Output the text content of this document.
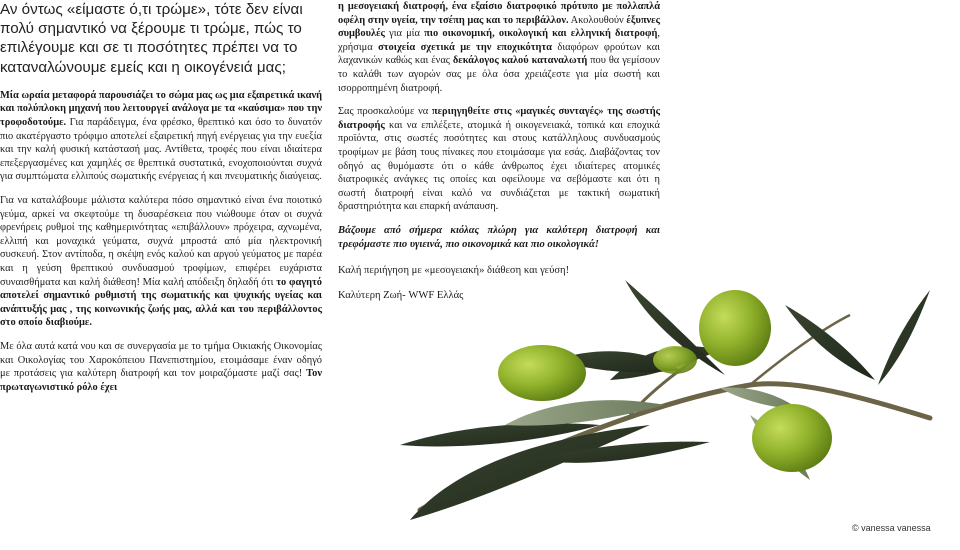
Αν όντως «είμαστε ό,τι τρώμε», τότε δεν είναι πολύ σημαντικό να ξέρουμε τι τρώμε, πώς το επιλέγουμε και σε τι ποσότητες πρέπει να το καταναλώνουμε εμείς και η οικογένειά μας;

Μία ωραία μεταφορά παρουσιάζει το σώμα μας ως μια εξαιρετικά ικανή και πολύπλοκη μηχανή που λειτουργεί ανάλογα με τα «καύσιμα» που την τροφοδοτούμε. Για παράδειγμα, ένα φρέσκο, θρεπτικό και όσο το δυνατόν πιο ακατέργαστο τρόφιμο αποτελεί εξαιρετική πηγή ενέργειας για την ευεξία και την καλή φυσική κατάστασή μας. Αντίθετα, τροφές που είναι ιδιαίτερα επεξεργασμένες και χαμηλές σε θρεπτικά συστατικά, ενοχοποιούνται συχνά για συμπτώματα ελλιπούς σωματικής ενέργειας ή και πνευματικής διαύγειας.

Για να καταλάβουμε μάλιστα καλύτερα πόσο σημαντικό είναι ένα ποιοτικό γεύμα, αρκεί να σκεφτούμε τη δυσαρέσκεια που νιώθουμε όταν οι συχνά φρενήρεις ρυθμοί της καθημερινότητας «επιβάλλουν» πρόχειρα, αχνωμένα, ελλιπή και μοναχικά γεύματα, συχνά μπροστά από μία ηλεκτρονική συσκευή. Στον αντίποδα, η σκέψη ενός καλού και αργού γεύματος με παρέα και η γεύση θρεπτικού συνδυασμού τροφίμων, επιφέρει ευχάριστα συναισθήματα και καλή διάθεση! Μία καλή απόδειξη δηλαδή ότι το φαγητό αποτελεί σημαντικό ρυθμιστή της σωματικής και ψυχικής υγείας και ανάπτυξής μας , της κοινωνικής ζωής μας, αλλά και του περιβάλλοντος στο οποίο διαβιούμε.

Με όλα αυτά κατά νου και σε συνεργασία με το τμήμα Οικιακής Οικονομίας και Οικολογίας του Χαροκόπειου Πανεπιστημίου, ετοιμάσαμε έναν οδηγό με προτάσεις για καλύτερη διατροφή και τον μοιραζόμαστε μαζί σας! Τον πρωταγωνιστικό ρόλο έχει

η μεσογειακή διατροφή, ένα εξαίσιο διατροφικό πρότυπο με πολλαπλά οφέλη στην υγεία, την τσέπη μας και το περιβάλλον. Ακολουθούν έξυπνες συμβουλές για μία πιο οικονομική, οικολογική και ελληνική διατροφή, χρήσιμα στοιχεία σχετικά με την εποχικότητα διαφόρων φρούτων και λαχανικών καθώς και ένας δεκάλογος καλού καταναλωτή που θα γεμίσουν το καλάθι των αγορών σας με όλα όσα χρειάζεστε για μία σωστή και ισορροπημένη διατροφή.

Σας προσκαλούμε να περιηγηθείτε στις «μαγικές συνταγές» της σωστής διατροφής και να επιλέξετε, ατομικά ή οικογενειακά, τοπικά και εποχικά προϊόντα, στις σωστές ποσότητες και στους κατάλληλους συνδυασμούς τροφίμων με βάση τους πίνακες που ετοιμάσαμε για εσάς. Διαβάζοντας τον οδηγό ας θυμόμαστε ότι ο κάθε άνθρωπος έχει ιδιαίτερες ατομικές διατροφικές ανάγκες τις οποίες και οφείλουμε να σεβόμαστε και ότι η σωστή διατροφή είναι καλό να συνδιάζεται με τακτική σωματική δραστηριότητα και επαρκή ανάπαυση.

Βάζουμε από σήμερα κιόλας πλώρη για καλύτερη διατροφή και τρεφόμαστε πιο υγιεινά, πιο οικονομικά και πιο οικολογικά!

Καλή περιήγηση με «μεσογειακή» διάθεση και γεύση!

Καλύτερη Ζωή- WWF Ελλάς

© vanessa vanessa
